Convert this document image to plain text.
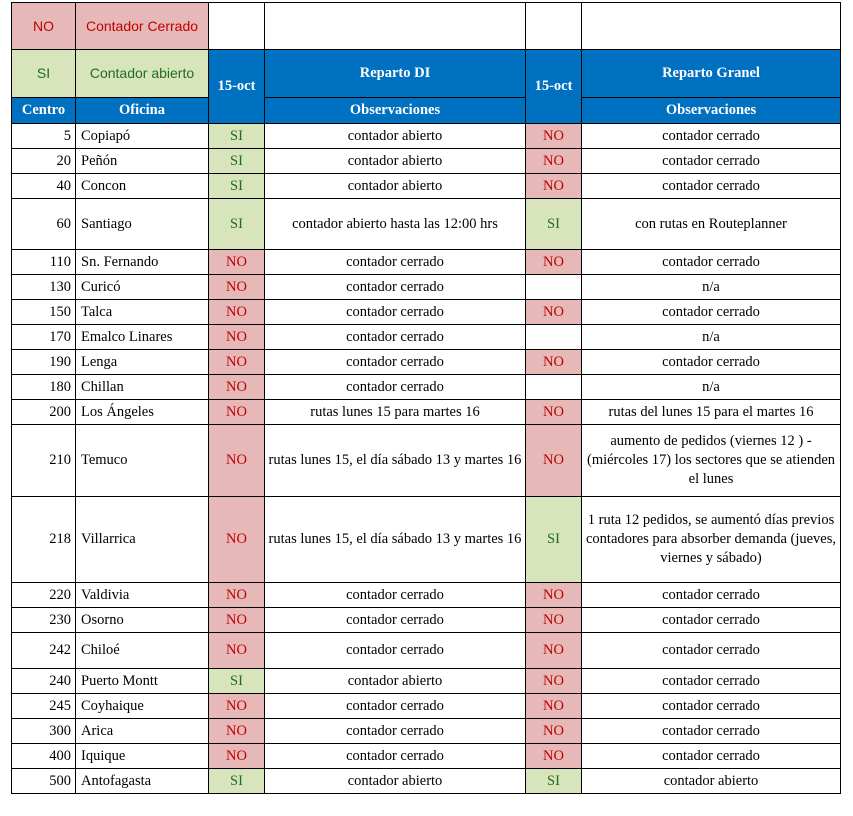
NO	Contador Cerrado				
SI	Contador abierto	15-oct	Reparto DI	15-oct	Reparto Granel
Centro	Oficina		Observaciones		Observaciones
5	Copiapó	SI	contador abierto	NO	contador cerrado
20	Peñón	SI	contador abierto	NO	contador cerrado
40	Concon	SI	contador abierto	NO	contador cerrado
60	Santiago	SI	contador abierto hasta las 12:00 hrs	SI	con rutas en Routeplanner
110	Sn. Fernando	NO	contador cerrado	NO	contador cerrado
130	Curicó	NO	contador cerrado		n/a
150	Talca	NO	contador cerrado	NO	contador cerrado
170	Emalco Linares	NO	contador cerrado		n/a
190	Lenga	NO	contador cerrado	NO	contador cerrado
180	Chillan	NO	contador cerrado		n/a
200	Los Ángeles	NO	rutas lunes 15 para martes 16	NO	rutas del lunes 15 para el martes 16
210	Temuco	NO	rutas lunes 15, el día sábado 13 y martes 16	NO	aumento de pedidos (viernes 12 ) - (miércoles 17) los sectores que se atienden el lunes
218	Villarrica	NO	rutas lunes 15, el día sábado 13 y martes 16	SI	1 ruta 12 pedidos, se aumentó días previos contadores para absorber demanda (jueves, viernes y sábado)
220	Valdivia	NO	contador cerrado	NO	contador cerrado
230	Osorno	NO	contador cerrado	NO	contador cerrado
242	Chiloé	NO	contador cerrado	NO	contador cerrado
240	Puerto Montt	SI	contador abierto	NO	contador cerrado
245	Coyhaique	NO	contador cerrado	NO	contador cerrado
300	Arica	NO	contador cerrado	NO	contador cerrado
400	Iquique	NO	contador cerrado	NO	contador cerrado
500	Antofagasta	SI	contador abierto	SI	contador abierto
